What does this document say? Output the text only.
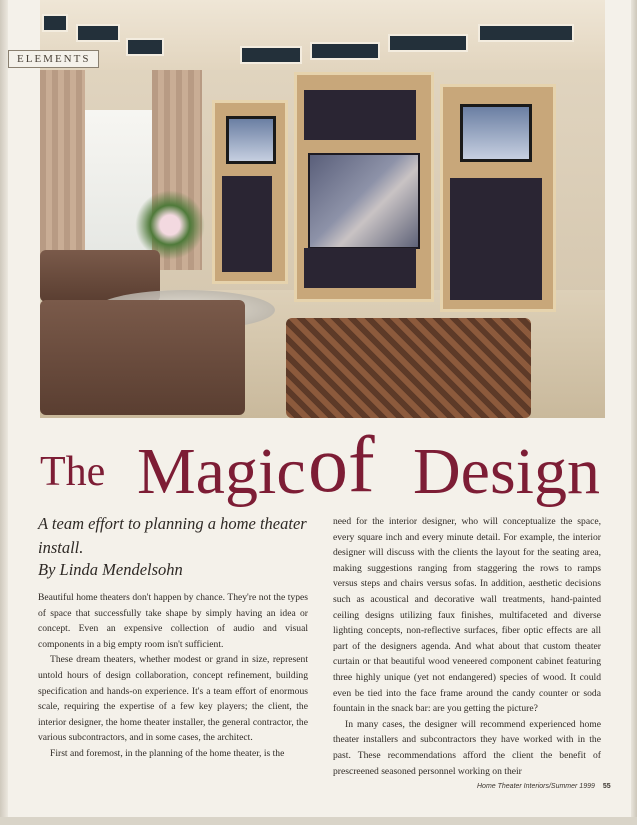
ELEMENTS
The Magic of Design
A team effort to planning a home theater install.
By Linda Mendelsohn

Beautiful home theaters don't happen by chance. They're not the types of space that successfully take shape by simply having an idea or concept. Even an expensive collection of audio and visual components in a big empty room isn't sufficient.

These dream theaters, whether modest or grand in size, represent untold hours of design collaboration, concept refinement, building specification and hands-on experience. It's a team effort of enormous scale, requiring the expertise of a few key players; the client, the interior designer, the home theater installer, the general contractor, the various subcontractors, and in some cases, the architect.

First and foremost, in the planning of the home theater, is the

need for the interior designer, who will conceptualize the space, every square inch and every minute detail. For example, the interior designer will discuss with the clients the layout for the seating area, making suggestions ranging from staggering the rows to ramps versus steps and chairs versus sofas. In addition, aesthetic decisions such as acoustical and decorative wall treatments, hand-painted ceiling designs utilizing faux finishes, multifaceted and diverse lighting concepts, non-reflective surfaces, fiber optic effects are all part of the designers agenda. And what about that custom theater curtain or that beautiful wood veneered component cabinet featuring three highly unique (yet not endangered) species of wood. It could even be tied into the face frame around the candy counter or soda fountain in the snack bar: are you getting the picture?

In many cases, the designer will recommend experienced home theater installers and subcontractors they have worked with in the past. These recommendations afford the client the benefit of prescreened seasoned personnel working on their

Home Theater Interiors/Summer 1999 55
